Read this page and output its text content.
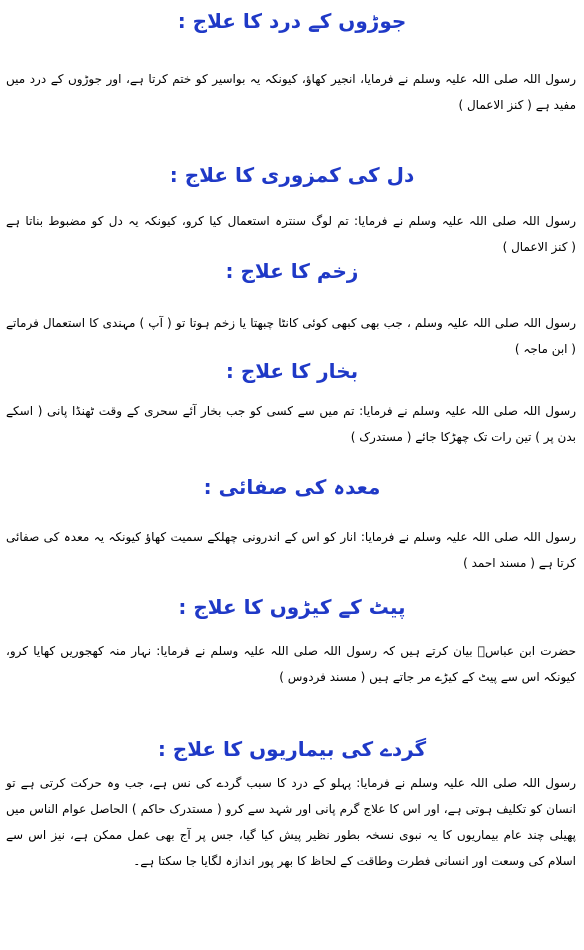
جوڑوں کے درد کا علاج :

رسول اللہ صلی اللہ علیہ وسلم نے فرمایا، انجیر کھاؤ، کیونکہ یہ بواسیر کو ختم کرتا ہے، اور جوڑوں کے درد میں مفید ہے ( کنز الاعمال )

دل کی کمزوری کا علاج :

رسول اللہ صلی اللہ علیہ وسلم نے فرمایا: تم لوگ سنترہ استعمال کیا کرو، کیونکہ یہ دل کو مضبوط بناتا ہے ( کنز الاعمال )

زخم کا علاج :

رسول اللہ صلی اللہ علیہ وسلم ، جب بھی کبھی کوئی کانٹا چبھتا یا زخم ہوتا تو ( آپ ) مہندی کا استعمال فرماتے ( ابن ماجہ )

بخار کا علاج :

رسول اللہ صلی اللہ علیہ وسلم نے فرمایا: تم میں سے کسی کو جب بخار آئے سحری کے وقت ٹھنڈا پانی ( اسکے بدن پر ) تین رات تک چھڑکا جائے ( مستدرک )

معدہ کی صفائی :

رسول اللہ صلی اللہ علیہ وسلم نے فرمایا: انار کو اس کے اندرونی چھلکے سمیت کھاؤ کیونکہ یہ معدہ کی صفائی کرتا ہے ( مسند احمد )

پیٹ کے کیڑوں کا علاج :

حضرت ابن عباسؓ بیان کرتے ہیں کہ رسول اللہ صلی اللہ علیہ وسلم نے فرمایا: نہار منہ کھجوریں کھایا کرو، کیونکہ اس سے پیٹ کے کیڑے مر جاتے ہیں ( مسند فردوس )

گردے کی بیماریوں کا علاج :

رسول اللہ صلی اللہ علیہ وسلم نے فرمایا: پہلو کے درد کا سبب گردے کی نس ہے، جب وہ حرکت کرتی ہے تو انسان کو تکلیف ہوتی ہے، اور اس کا علاج گرم پانی اور شہد سے کرو ( مستدرک حاکم ) الحاصل عوام الناس میں پھیلی چند عام بیماریوں کا یہ نبوی نسخہ بطور نظیر پیش کیا گیا، جس پر آج بھی عمل ممکن ہے، نیز اس سے اسلام کی وسعت اور انسانی فطرت وطاقت کے لحاظ کا بھر پور اندازہ لگایا جا سکتا ہے۔
